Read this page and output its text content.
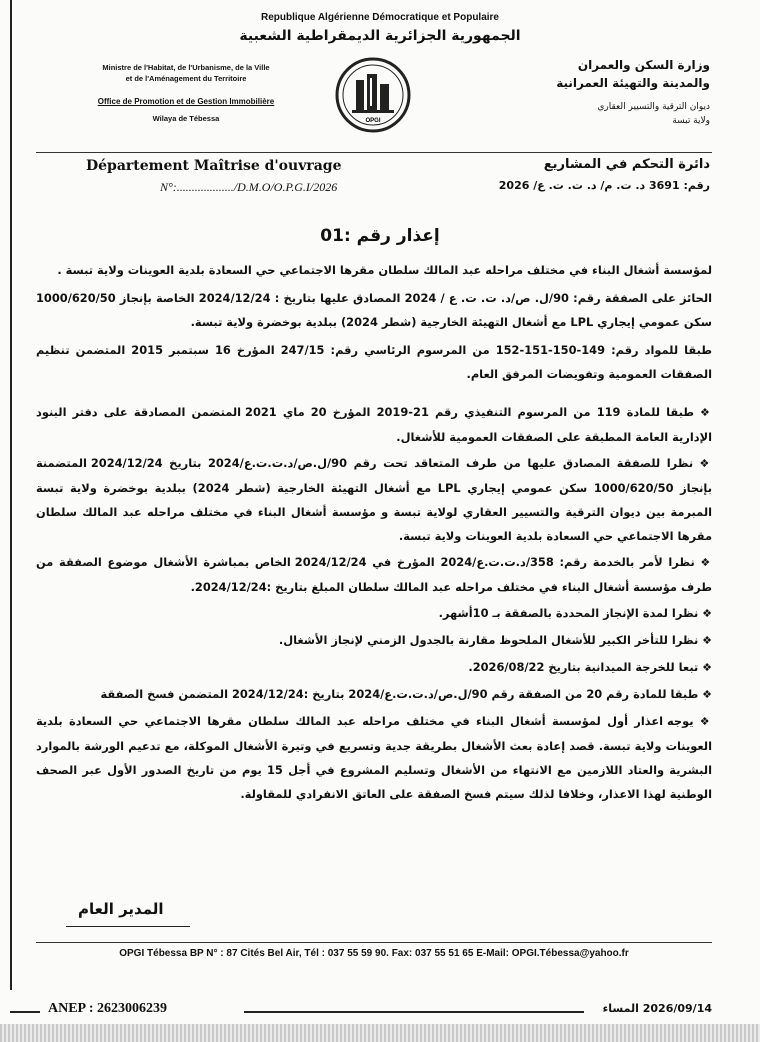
Republique Algérienne Démocratique et Populaire
الجمهورية الجزائرية الديمقراطية الشعبية
Ministre de l'Habitat, de l'Urbanisme, de la Ville
et de l'Aménagement du Territoire
Office de Promotion et de Gestion Immobilière
Wilaya de Tébessa	OPGI
وزارة السكن والعمران
والمدينة والتهيئة العمرانية
ديوان الترقية والتسيير العقاري
ولاية تبسة
Département Maîtrise d'ouvrage	دائرة التحكم في المشاريع
N°:.................../D.M.O/O.P.G.I/2026	رقم: 3691 د. ت. م/ د. ت. ت. ع/ 2026
إعذار رقم :01

لمؤسسة أشغال البناء في مختلف مراحله عبد المالك سلطان مقرها الاجتماعي حي السعادة بلدية العوينات ولاية تبسة .

الحائز على الصفقة رقم: 90/ل. ص/د. ت. ت. ع / 2024 المصادق عليها بتاريخ : 2024/12/24 الخاصة بإنجاز 1000/620/50 سكن عمومي إيجاري LPL مع أشغال التهيئة الخارجية (شطر 2024) ببلدية بوخضرة ولاية تبسة.

طبقا للمواد رقم: 149-150-151-152 من المرسوم الرئاسي رقم: 247/15 المؤرخ 16 سبتمبر 2015 المتضمن تنظيم الصفقات العمومية وتفويضات المرفق العام.

❖ طبقا للمادة 119 من المرسوم التنفيذي رقم 21-2019 المؤرخ 20 ماي 2021 المتضمن المصادقة على دفتر البنود الإدارية العامة المطبقة على الصفقات العمومية للأشغال.

❖ نظرا للصفقة المصادق عليها من طرف المتعاقد تحت رقم 90/ل.ص/د.ت.ت.ع/2024 بتاريخ 2024/12/24 المتضمنة بإنجاز 1000/620/50 سكن عمومي إيجاري LPL مع أشغال التهيئة الخارجية (شطر 2024) ببلدية بوخضرة ولاية تبسة المبرمة بين ديوان الترقية والتسيير العقاري لولاية تبسة و مؤسسة أشغال البناء في مختلف مراحله عبد المالك سلطان مقرها الاجتماعي حي السعادة بلدية العوينات ولاية تبسة.

❖ نظرا لأمر بالخدمة رقم: 358/د.ت.ت.ع/2024 المؤرخ في 2024/12/24 الخاص بمباشرة الأشغال موضوع الصفقة من طرف مؤسسة أشغال البناء في مختلف مراحله عبد المالك سلطان المبلغ بتاريخ :2024/12/24.

❖ نظرا لمدة الإنجاز المحددة بالصفقة بـ 10أشهر.

❖ نظرا للتأخر الكبير للأشغال الملحوظ مقارنة بالجدول الزمني لإنجاز الأشغال.

❖ تبعا للخرجة الميدانية بتاريخ 2026/08/22.

❖ طبقا للمادة رقم 20 من الصفقة رقم 90/ل.ص/د.ت.ت.ع/2024 بتاريخ :2024/12/24 المتضمن فسخ الصفقة

❖ يوجه اعذار أول لمؤسسة أشغال البناء في مختلف مراحله عبد المالك سلطان مقرها الاجتماعي حي السعادة بلدية العوينات ولاية تبسة. قصد إعادة بعث الأشغال بطريقة جدية وتسريع في وتيرة الأشغال الموكلة، مع تدعيم الورشة بالموارد البشرية والعتاد اللازمين مع الانتهاء من الأشغال وتسليم المشروع في أجل 15 يوم من تاريخ الصدور الأول عبر الصحف الوطنية لهذا الاعذار، وخلافا لذلك سيتم فسخ الصفقة على العاتق الانفرادي للمقاولة.

المدير العام
OPGI Tébessa BP N° : 87 Cités Bel Air, Tél : 037 55 59 90. Fax: 037 55 51 65 E-Mail: OPGI.Tébessa@yahoo.fr
ANEP : 2623006239	2026/09/14 المساء
